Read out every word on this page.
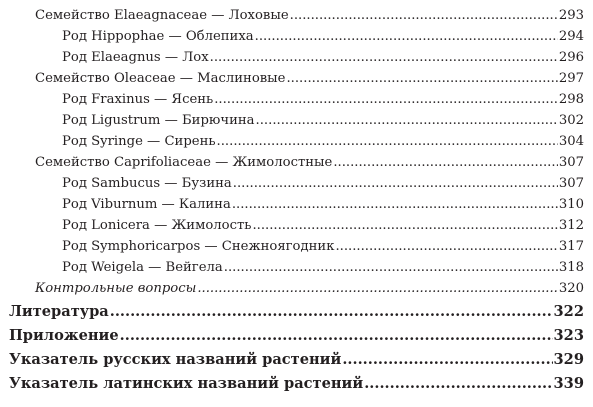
Семейство Elaeagnaceae — Лоховые .....	293
Род Hippophae — Облепиха .....	294
Род Elaeagnus — Лох .....	296
Семейство Oleaceae — Маслиновые .....	297
Род Fraxinus — Ясень .....	298
Род Ligustrum — Бирючина .....	302
Род Syringe — Сирень .....	304
Семейство Caprifoliaceae — Жимолостные .....	307
Род Sambucus — Бузина .....	307
Род Viburnum — Калина .....	310
Род Lonicera — Жимолость .....	312
Род Symphoricarpos — Снежноягодник .....	317
Род Weigela — Вейгела .....	318
Контрольные вопросы .....	320
Литература .....	322
Приложение .....	323
Указатель русских названий растений .....	329
Указатель латинских названий растений .....	339
